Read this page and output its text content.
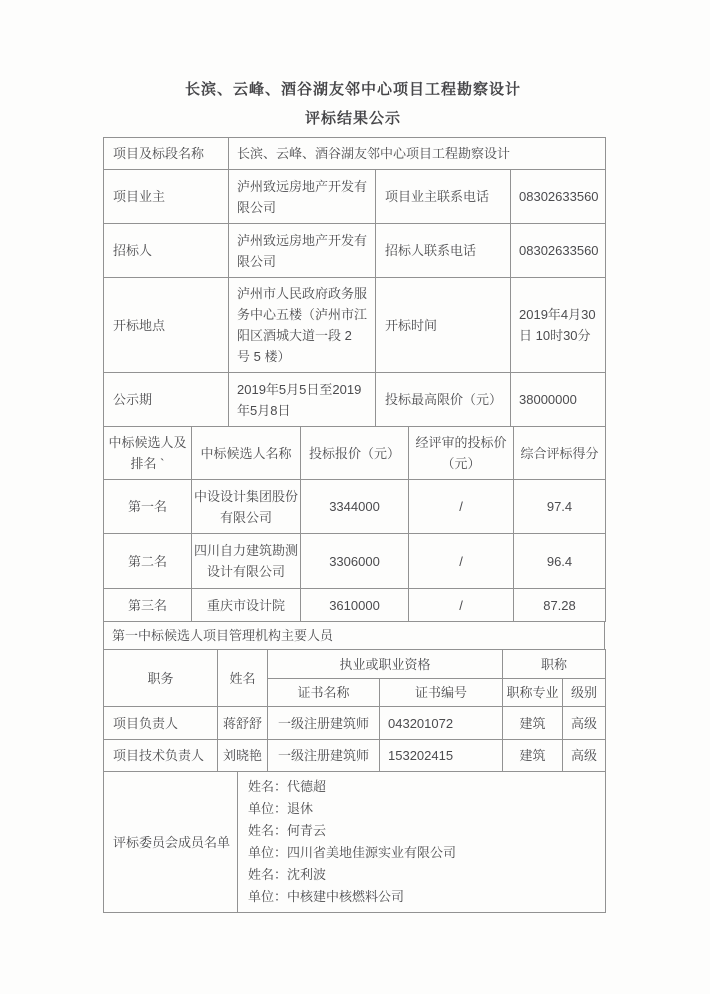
长滨、云峰、酒谷湖友邻中心项目工程勘察设计
评标结果公示
项目及标段名称	长滨、云峰、酒谷湖友邻中心项目工程勘察设计		
项目业主	泸州致远房地产开发有限公司	项目业主联系电话	08302633560
招标人	泸州致远房地产开发有限公司	招标人联系电话	08302633560
开标地点	泸州市人民政府政务服务中心五楼（泸州市江阳区酒城大道一段 2 号 5 楼）	开标时间	2019年4月30日 10时30分
公示期	2019年5月5日至2019年5月8日	投标最高限价（元）	38000000
中标候选人及排名 `	中标候选人名称	投标报价（元）	经评审的投标价（元）	综合评标得分
第一名	中设设计集团股份有限公司	3344000	/	97.4
第二名	四川自力建筑勘测设计有限公司	3306000	/	96.4
第三名	重庆市设计院	3610000	/	87.28
第一中标候选人项目管理机构主要人员
职务	姓名	执业或职业资格		职称	
		证书名称	证书编号	职称专业	级别
项目负责人	蒋舒舒	一级注册建筑师	043201072	建筑	高级
项目技术负责人	刘晓艳	一级注册建筑师	153202415	建筑	高级
评标委员会成员名单	
姓名：代德超
单位：退休
姓名：何青云
单位：四川省美地佳源实业有限公司
姓名：沈利波
单位：中核建中核燃料公司
